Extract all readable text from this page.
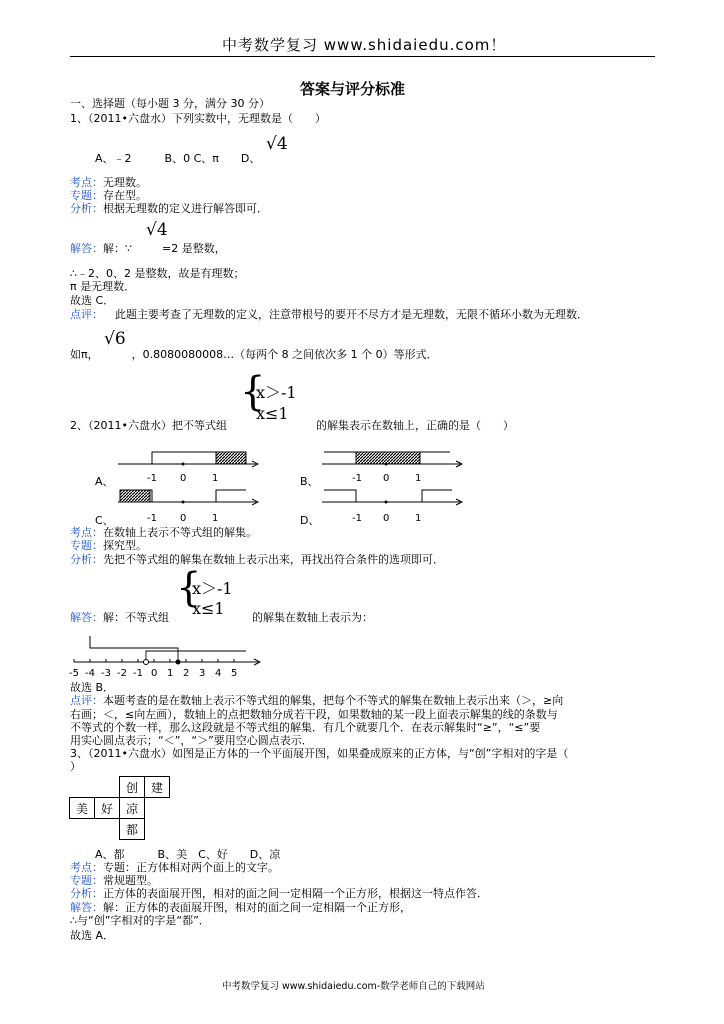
中考数学复习 www.shidaiedu.com！
答案与评分标准
一、选择题（每小题 3 分，满分 30 分）
1、（2011•六盘水）下列实数中，无理数是（　　）
A、﹣2　　　B、0 C、π　　D、
√4
考点：无理数。
专题：存在型。
分析：根据无理数的定义进行解答即可．
√4
解答：解：∵	=2 是整数，
∴﹣2、0、2 是整数，故是有理数；
π 是无理数．
故选 C．
点评： 此题主要考查了无理数的定义，注意带根号的要开不尽方才是无理数，无限不循环小数为无理数．
√6
如π，	，0.8080080008…（每两个 8 之间依次多 1 个 0）等形式．
2、（2011•六盘水）把不等式组
{
x＞-1
x≤1
的解集表示在数轴上，正确的是（　　）
A、	B、
C、	D、
-1 0	1	-1 0	1
-1 0	1	-1 0	1
考点：在数轴上表示不等式组的解集。
专题：探究型。
分析：先把不等式组的解集在数轴上表示出来，再找出符合条件的选项即可．
解答：解：不等式组
{
x＞-1
x≤1 的解集在数轴上表示为：
-5 -4 -3 -2 -1 0 1 2 3 4 5
故选 B．
点评：本题考查的是在数轴上表示不等式组的解集，把每个不等式的解集在数轴上表示出来（＞，≥向
右画；＜，≤向左画），数轴上的点把数轴分成若干段，如果数轴的某一段上面表示解集的线的条数与
不等式的个数一样，那么这段就是不等式组的解集．有几个就要几个．在表示解集时“≥”，“≤”要
用实心圆点表示；“＜”，“＞”要用空心圆点表示．
3、（2011•六盘水）如图是正方体的一个平面展开图，如果叠成原来的正方体，与“创”字相对的字是（
）
创	建
美	好	凉
都
A、都　　　B、美　C、好　　D、凉
考点：专题：正方体相对两个面上的文字。
专题：常规题型。
分析：正方体的表面展开图，相对的面之间一定相隔一个正方形，根据这一特点作答．
解答：解：正方体的表面展开图，相对的面之间一定相隔一个正方形，
∴与“创”字相对的字是“都”．
故选 A．
中考数学复习 www.shidaiedu.com-数学老师自己的下载网站
